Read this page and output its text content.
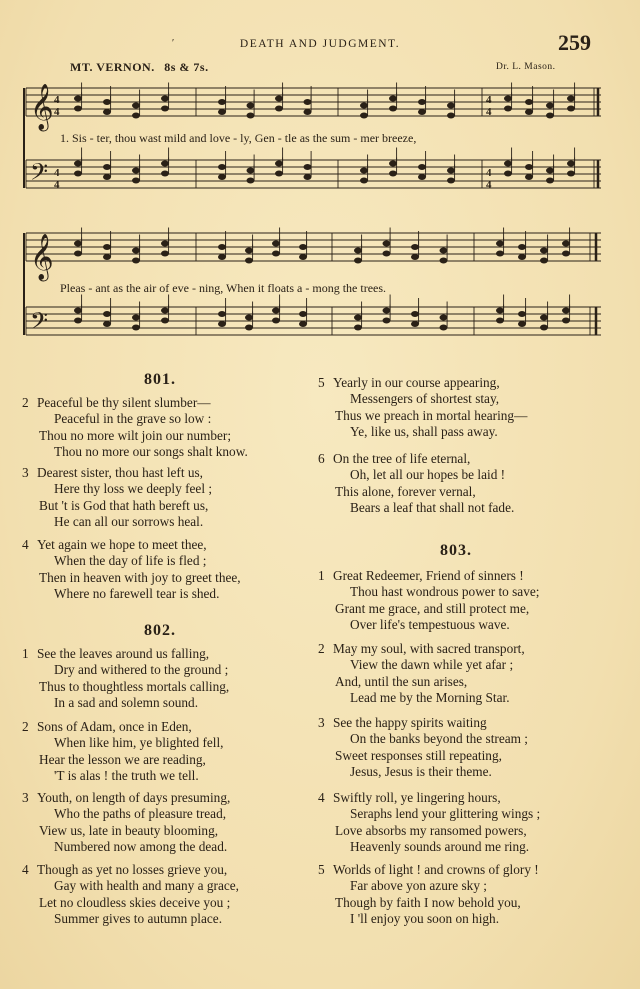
DEATH AND JUDGMENT.
′	259
MT. VERNON. 8s & 7s.	Dr. L. Mason.
𝄞
𝄞
𝄢
𝄢
4
4
4
4
4
4
4
4
1. Sis - ter, thou wast mild and love - ly, Gen - tle as the sum - mer breeze,
Pleas - ant as the air of eve - ning, When it floats a - mong the trees.
801.
2 Peaceful be thy silent slumber—
Peaceful in the grave so low :
Thou no more wilt join our number;
Thou no more our songs shalt know.
3 Dearest sister, thou hast left us,
Here thy loss we deeply feel ;
But 't is God that hath bereft us,
He can all our sorrows heal.
4 Yet again we hope to meet thee,
When the day of life is fled ;
Then in heaven with joy to greet thee,
Where no farewell tear is shed.
5 Yearly in our course appearing,
Messengers of shortest stay,
Thus we preach in mortal hearing—
Ye, like us, shall pass away.
6 On the tree of life eternal,
Oh, let all our hopes be laid !
This alone, forever vernal,
Bears a leaf that shall not fade.
802.
1 See the leaves around us falling,
Dry and withered to the ground ;
Thus to thoughtless mortals calling,
In a sad and solemn sound.
2 Sons of Adam, once in Eden,
When like him, ye blighted fell,
Hear the lesson we are reading,
'T is alas ! the truth we tell.
3 Youth, on length of days presuming,
Who the paths of pleasure tread,
View us, late in beauty blooming,
Numbered now among the dead.
4 Though as yet no losses grieve you,
Gay with health and many a grace,
Let no cloudless skies deceive you ;
Summer gives to autumn place.
803.
1 Great Redeemer, Friend of sinners !
Thou hast wondrous power to save;
Grant me grace, and still protect me,
Over life's tempestuous wave.
2 May my soul, with sacred transport,
View the dawn while yet afar ;
And, until the sun arises,
Lead me by the Morning Star.
3 See the happy spirits waiting
On the banks beyond the stream ;
Sweet responses still repeating,
Jesus, Jesus is their theme.
4 Swiftly roll, ye lingering hours,
Seraphs lend your glittering wings ;
Love absorbs my ransomed powers,
Heavenly sounds around me ring.
5 Worlds of light ! and crowns of glory !
Far above yon azure sky ;
Though by faith I now behold you,
I 'll enjoy you soon on high.
